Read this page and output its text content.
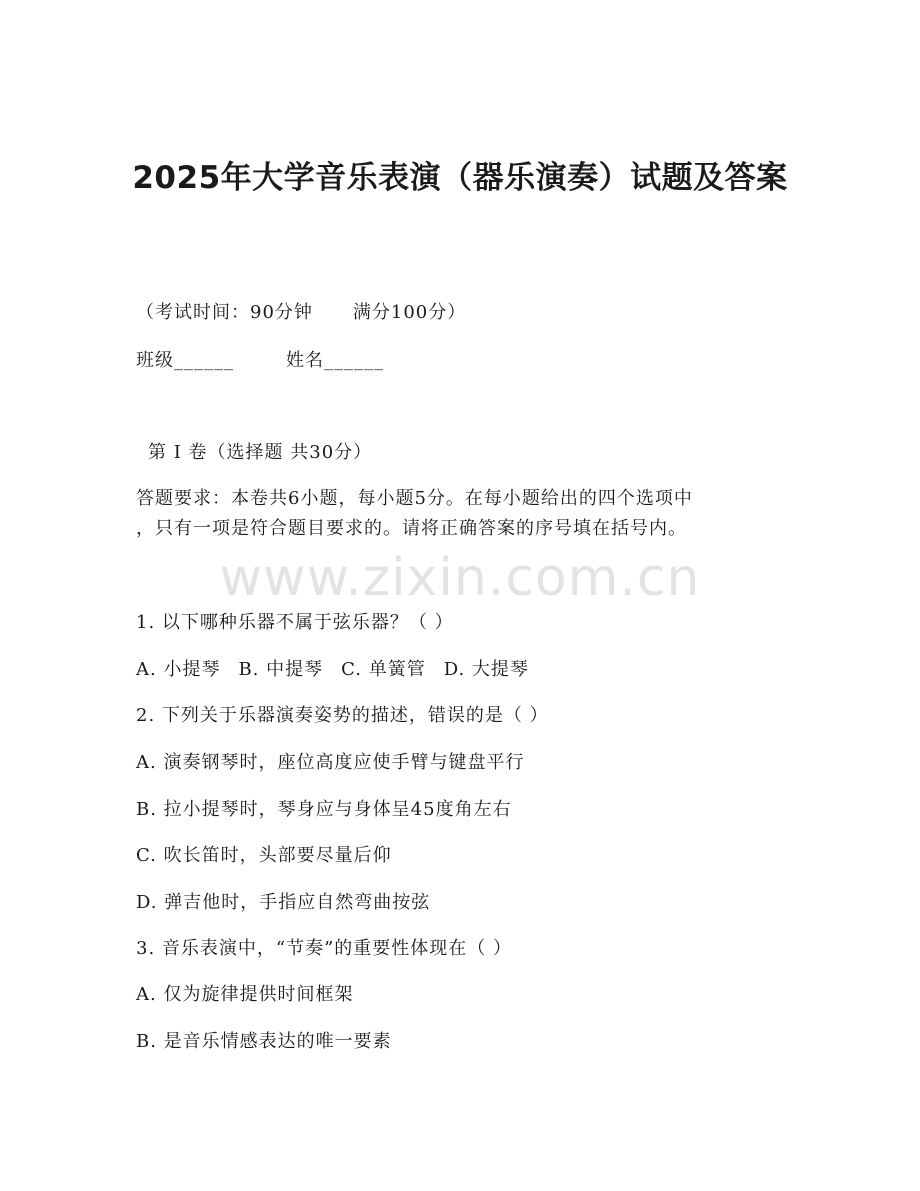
2025年大学音乐表演（器乐演奏）试题及答案
（考试时间：90分钟 满分100分）
班级______	姓名______
第 I 卷（选择题 共30分）
答题要求：本卷共6小题，每小题5分。在每小题给出的四个选项中
，只有一项是符合题目要求的。请将正确答案的序号填在括号内。
www.zixin.com.cn
1. 以下哪种乐器不属于弦乐器？（ ）
A. 小提琴 B. 中提琴 C. 单簧管 D. 大提琴
2. 下列关于乐器演奏姿势的描述，错误的是（ ）
A. 演奏钢琴时，座位高度应使手臂与键盘平行
B. 拉小提琴时，琴身应与身体呈45度角左右
C. 吹长笛时，头部要尽量后仰
D. 弹吉他时，手指应自然弯曲按弦
3. 音乐表演中，“节奏”的重要性体现在（ ）
A. 仅为旋律提供时间框架
B. 是音乐情感表达的唯一要素
